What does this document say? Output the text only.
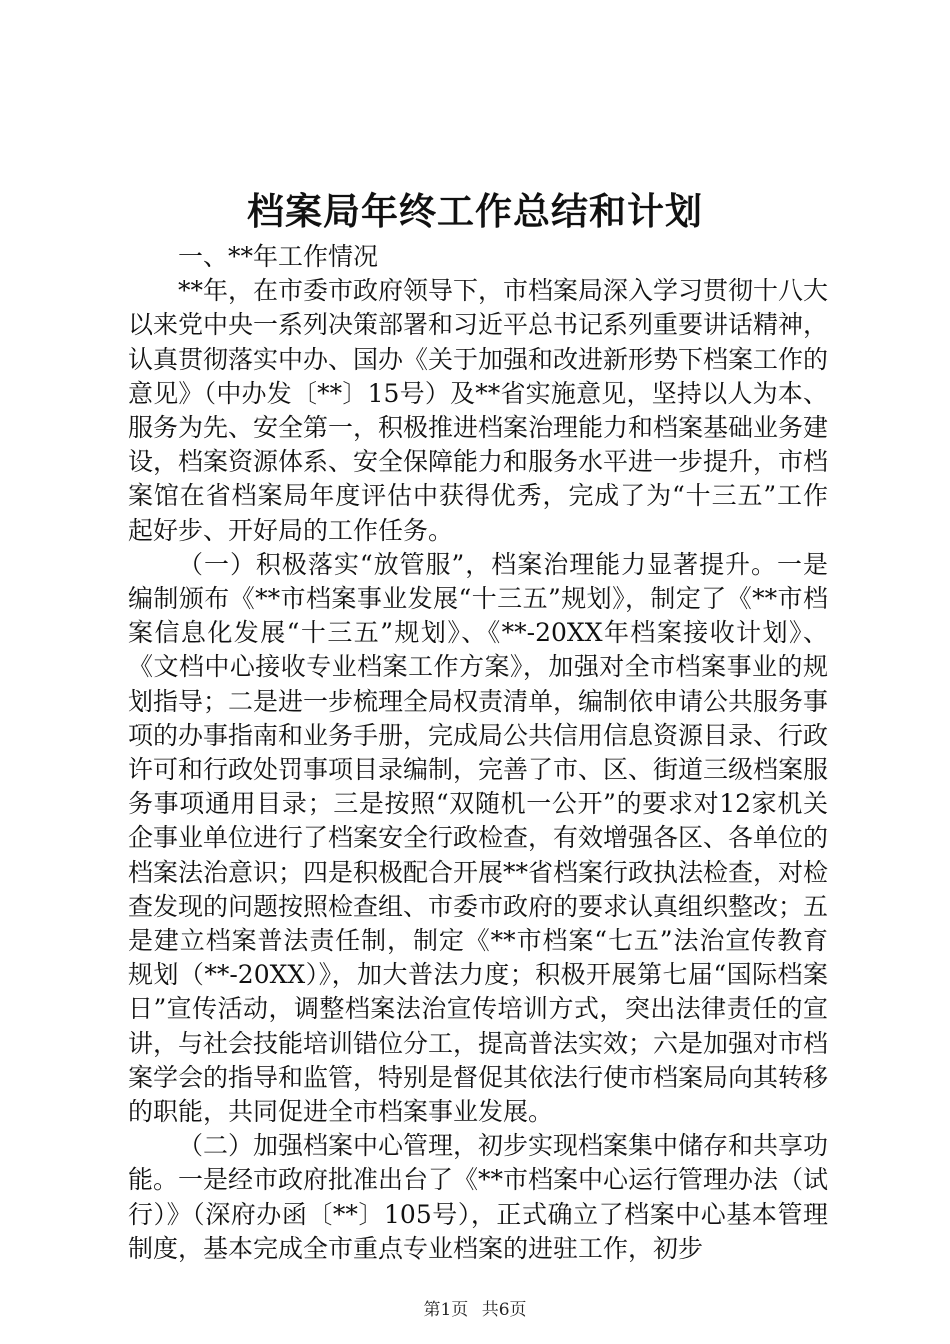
档案局年终工作总结和计划

一、**年工作情况

**年，在市委市政府领导下，市档案局深入学习贯彻十八大以来党中央一系列决策部署和习近平总书记系列重要讲话精神，认真贯彻落实中办、国办《关于加强和改进新形势下档案工作的意见》（中办发〔**〕15号）及**省实施意见，坚持以人为本、服务为先、安全第一，积极推进档案治理能力和档案基础业务建设，档案资源体系、安全保障能力和服务水平进一步提升，市档案馆在省档案局年度评估中获得优秀，完成了为“十三五”工作起好步、开好局的工作任务。

（一）积极落实“放管服”，档案治理能力显著提升。一是编制颁布《**市档案事业发展“十三五”规划》，制定了《**市档案信息化发展“十三五”规划》、《**-20XX年档案接收计划》、《文档中心接收专业档案工作方案》，加强对全市档案事业的规划指导；二是进一步梳理全局权责清单，编制依申请公共服务事项的办事指南和业务手册，完成局公共信用信息资源目录、行政许可和行政处罚事项目录编制，完善了市、区、街道三级档案服务事项通用目录；三是按照“双随机一公开”的要求对12家机关企事业单位进行了档案安全行政检查，有效增强各区、各单位的档案法治意识；四是积极配合开展**省档案行政执法检查，对检查发现的问题按照检查组、市委市政府的要求认真组织整改；五是建立档案普法责任制，制定《**市档案“七五”法治宣传教育规划（**-20XX）》，加大普法力度；积极开展第七届“国际档案日”宣传活动，调整档案法治宣传培训方式，突出法律责任的宣讲，与社会技能培训错位分工，提高普法实效；六是加强对市档案学会的指导和监管，特别是督促其依法行使市档案局向其转移的职能，共同促进全市档案事业发展。

（二）加强档案中心管理，初步实现档案集中储存和共享功能。一是经市政府批准出台了《**市档案中心运行管理办法（试行）》（深府办函〔**〕105号），正式确立了档案中心基本管理制度，基本完成全市重点专业档案的进驻工作，初步

第1页 共6页
